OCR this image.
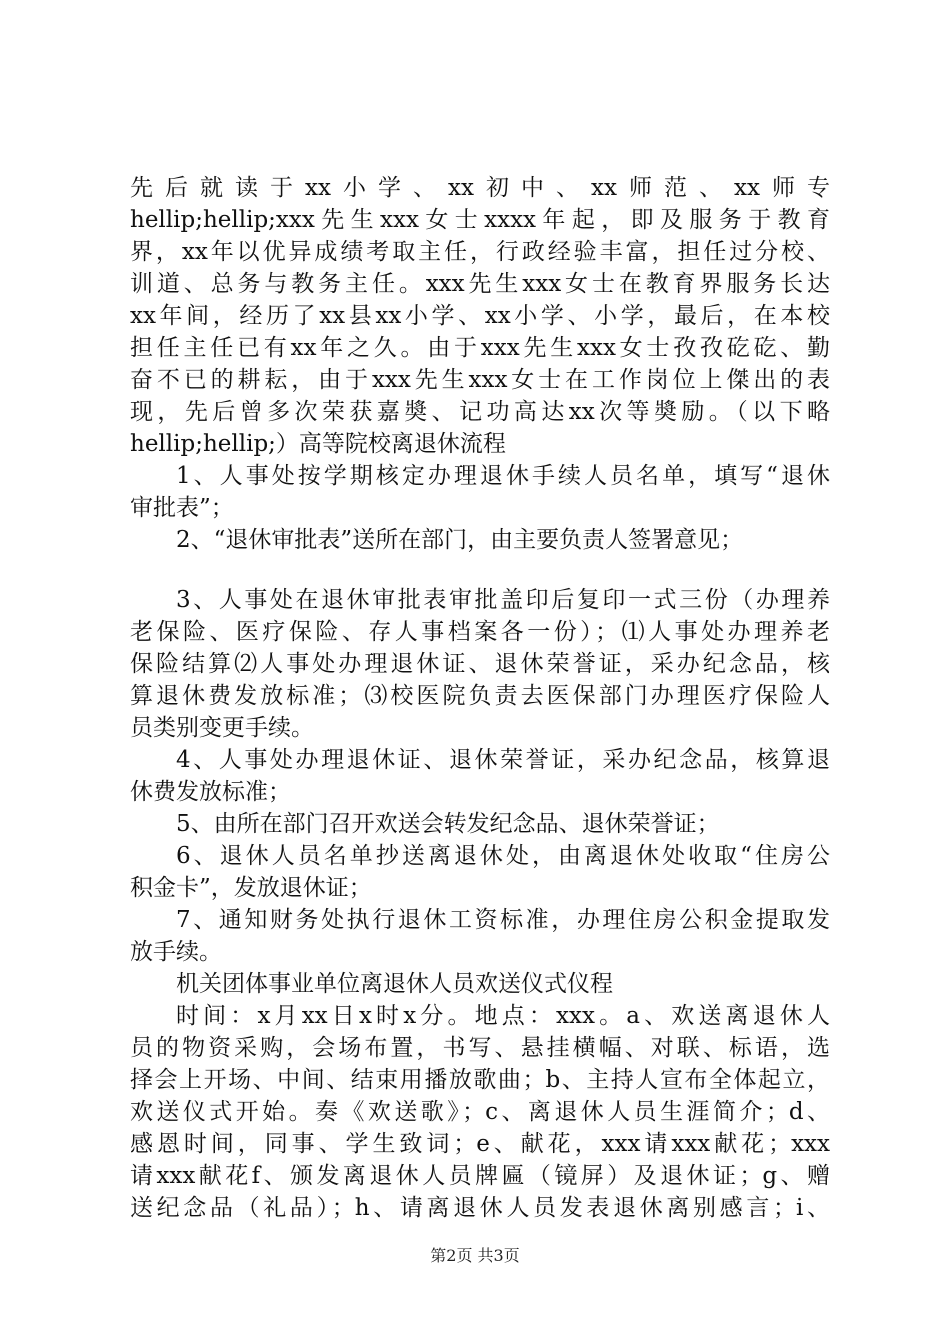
先后就读于xx小学、xx初中、xx师范、xx师专
hellip;hellip;xxx先生xxx女士xxxx年起，即及服务于教育
界，xx年以优异成绩考取主任，行政经验丰富，担任过分校、
训道、总务与教务主任。xxx先生xxx女士在教育界服务长达
xx年间，经历了xx县xx小学、xx小学、小学，最后，在本校
担任主任已有xx年之久。由于xxx先生xxx女士孜孜矻矻、勤
奋不已的耕耘，由于xxx先生xxx女士在工作岗位上傑出的表
现，先后曾多次荣获嘉奬、记功高达xx次等奬励。（以下略
hellip;hellip;）高等院校离退休流程
1、人事处按学期核定办理退休手续人员名单，填写“退休
审批表”；
2、“退休审批表”送所在部门，由主要负责人签署意见；
3、人事处在退休审批表审批盖印后复印一式三份（办理养
老保险、医疗保险、存人事档案各一份）；⑴人事处办理养老
保险结算⑵人事处办理退休证、退休荣誉证，采办纪念品，核
算退休费发放标准；⑶校医院负责去医保部门办理医疗保险人
员类别变更手续。
4、人事处办理退休证、退休荣誉证，采办纪念品，核算退
休费发放标准；
5、由所在部门召开欢送会转发纪念品、退休荣誉证；
6、退休人员名单抄送离退休处，由离退休处收取“住房公
积金卡”，发放退休证；
7、通知财务处执行退休工资标准，办理住房公积金提取发
放手续。
机关团体事业单位离退休人员欢送仪式仪程
时间：x月xx日x时x分。地点：xxx。a、欢送离退休人
员的物资采购，会场布置，书写、悬挂横幅、对联、标语，选
择会上开场、中间、结束用播放歌曲；b、主持人宣布全体起立，
欢送仪式开始。奏《欢送歌》；c、离退休人员生涯简介；d、
感恩时间，同事、学生致词；e、献花，xxx请xxx献花；xxx
请xxx献花f、颁发离退休人员牌匾（镜屏）及退休证；g、赠
送纪念品（礼品）；h、请离退休人员发表退休离别感言；i、
第2页 共3页
